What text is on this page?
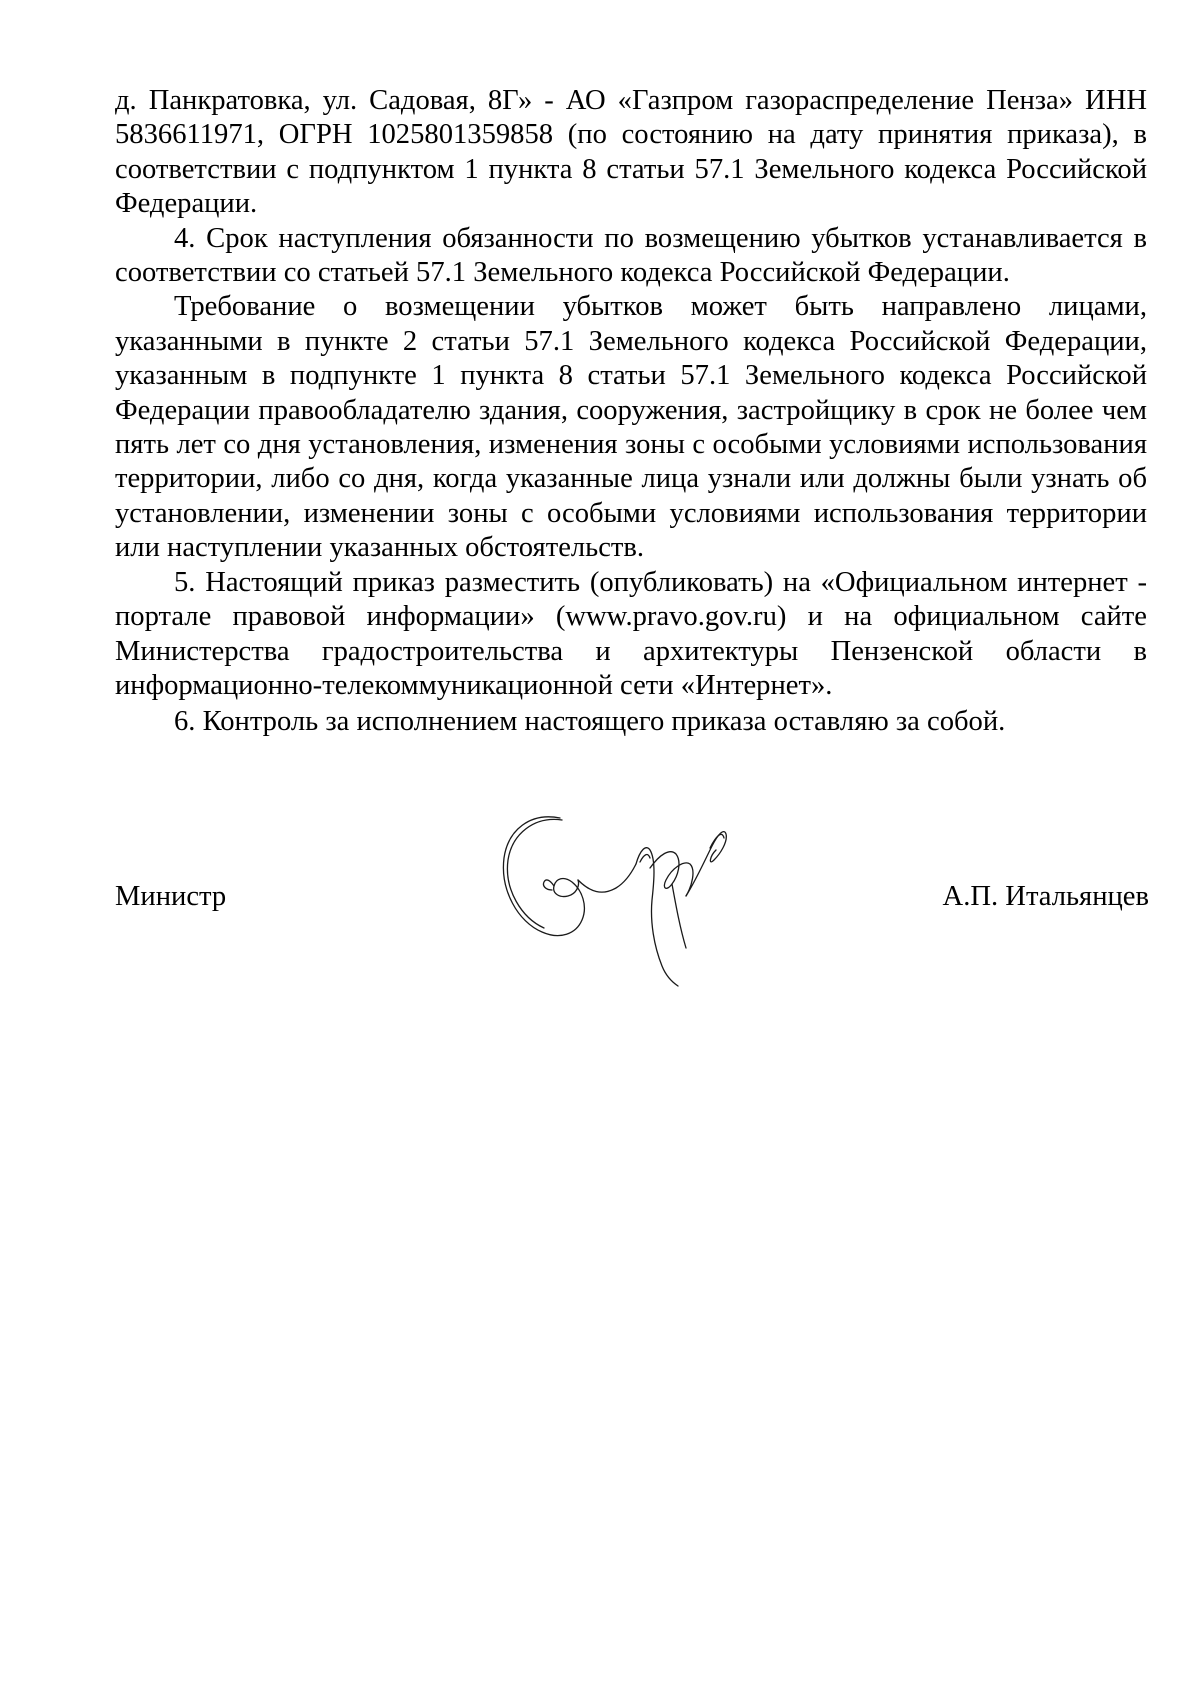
д. Панкратовка, ул. Садовая, 8Г» - АО «Газпром газораспределение Пенза» ИНН 5836611971, ОГРН 1025801359858 (по состоянию на дату принятия приказа), в соответствии с подпунктом 1 пункта 8 статьи 57.1 Земельного кодекса Российской Федерации.

4. Срок наступления обязанности по возмещению убытков устанавливается в соответствии со статьей 57.1 Земельного кодекса Российской Федерации.

Требование о возмещении убытков может быть направлено лицами, указанными в пункте 2 статьи 57.1 Земельного кодекса Российской Федерации, указанным в подпункте 1 пункта 8 статьи 57.1 Земельного кодекса Российской Федерации правообладателю здания, сооружения, застройщику в срок не более чем пять лет со дня установления, изменения зоны с особыми условиями использования территории, либо со дня, когда указанные лица узнали или должны были узнать об установлении, изменении зоны с особыми условиями использования территории или наступлении указанных обстоятельств.

5. Настоящий приказ разместить (опубликовать) на «Официальном интернет - портале правовой информации» (www.pravo.gov.ru) и на официальном сайте Министерства градостроительства и архитектуры Пензенской области в информационно-телекоммуникационной сети «Интернет».

6. Контроль за исполнением настоящего приказа оставляю за собой.

Министр	А.П. Итальянцев
